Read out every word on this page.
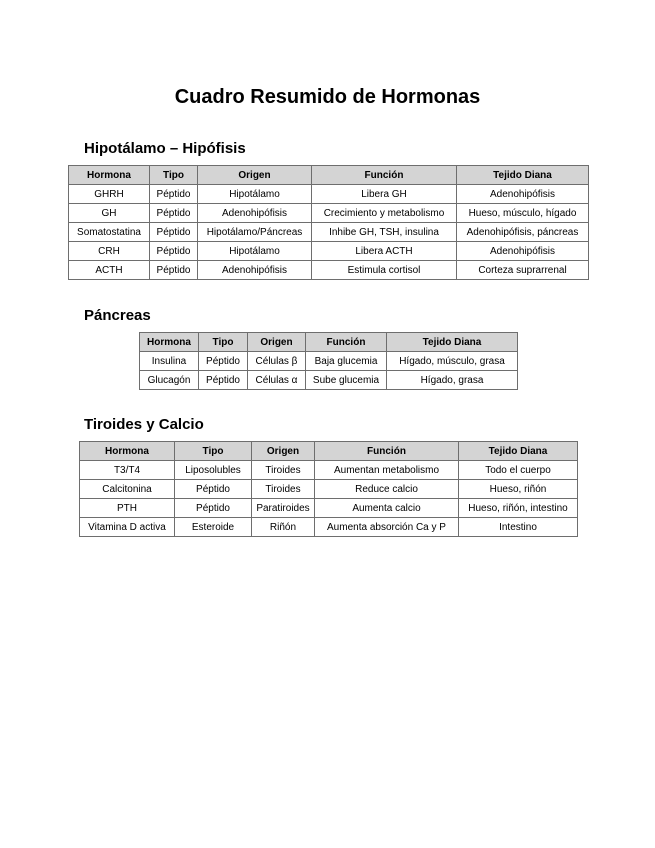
Cuadro Resumido de Hormonas
Hipotálamo – Hipófisis
Hormona	Tipo	Origen	Función	Tejido Diana
GHRH	Péptido	Hipotálamo	Libera GH	Adenohipófisis
GH	Péptido	Adenohipófisis	Crecimiento y metabolismo	Hueso, músculo, hígado
Somatostatina	Péptido	Hipotálamo/Páncreas	Inhibe GH, TSH, insulina	Adenohipófisis, páncreas
CRH	Péptido	Hipotálamo	Libera ACTH	Adenohipófisis
ACTH	Péptido	Adenohipófisis	Estimula cortisol	Corteza suprarrenal
Páncreas
Hormona	Tipo	Origen	Función	Tejido Diana
Insulina	Péptido	Células β	Baja glucemia	Hígado, músculo, grasa
Glucagón	Péptido	Células α	Sube glucemia	Hígado, grasa
Tiroides y Calcio
Hormona	Tipo	Origen	Función	Tejido Diana
T3/T4	Liposolubles	Tiroides	Aumentan metabolismo	Todo el cuerpo
Calcitonina	Péptido	Tiroides	Reduce calcio	Hueso, riñón
PTH	Péptido	Paratiroides	Aumenta calcio	Hueso, riñón, intestino
Vitamina D activa	Esteroide	Riñón	Aumenta absorción Ca y P	Intestino
